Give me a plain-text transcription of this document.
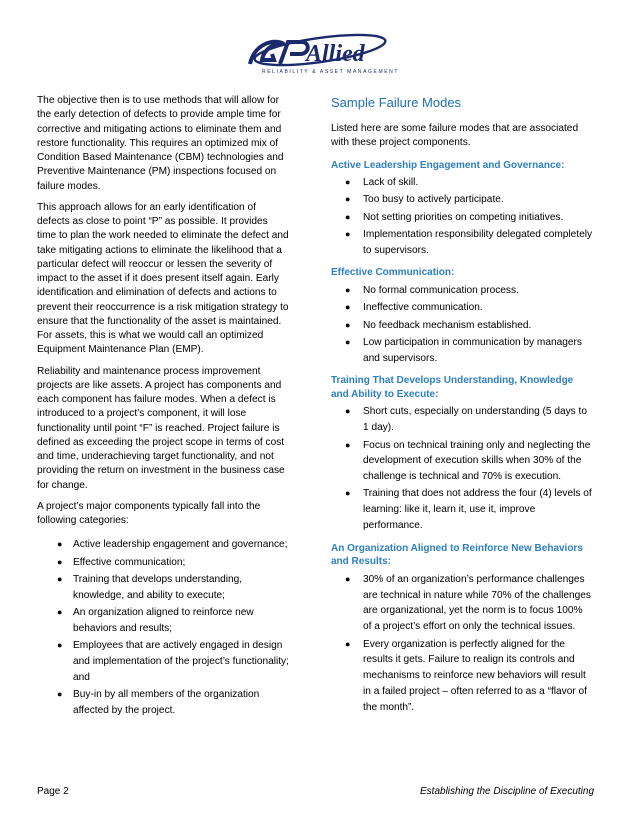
Allied
RELIABILITY & ASSET MANAGEMENT

The objective then is to use methods that will allow for the early detection of defects to provide ample time for corrective and mitigating actions to eliminate them and restore functionality. This requires an optimized mix of Condition Based Maintenance (CBM) technologies and Preventive Maintenance (PM) inspections focused on failure modes.

This approach allows for an early identification of defects as close to point “P” as possible. It provides time to plan the work needed to eliminate the defect and take mitigating actions to eliminate the likelihood that a particular defect will reoccur or lessen the severity of impact to the asset if it does present itself again. Early identification and elimination of defects and actions to prevent their reoccurrence is a risk mitigation strategy to ensure that the functionality of the asset is maintained. For assets, this is what we would call an optimized Equipment Maintenance Plan (EMP).

Reliability and maintenance process improvement projects are like assets. A project has components and each component has failure modes. When a defect is introduced to a project’s component, it will lose functionality until point “F” is reached. Project failure is defined as exceeding the project scope in terms of cost and time, underachieving target functionality, and not providing the return on investment in the business case for change.

A project’s major components typically fall into the following categories:

● Active leadership engagement and governance;
● Effective communication;
● Training that develops understanding, knowledge, and ability to execute;
● An organization aligned to reinforce new behaviors and results;
● Employees that are actively engaged in design and implementation of the project’s functionality; and
● Buy-in by all members of the organization affected by the project.
Sample Failure Modes

Listed here are some failure modes that are associated with these project components.

Active Leadership Engagement and Governance:
● Lack of skill.
● Too busy to actively participate.
● Not setting priorities on competing initiatives.
● Implementation responsibility delegated completely to supervisors.
Effective Communication:
● No formal communication process.
● Ineffective communication.
● No feedback mechanism established.
● Low participation in communication by managers and supervisors.
Training That Develops Understanding, Knowledge and Ability to Execute:
● Short cuts, especially on understanding (5 days to 1 day).
● Focus on technical training only and neglecting the development of execution skills when 30% of the challenge is technical and 70% is execution.
● Training that does not address the four (4) levels of learning: like it, learn it, use it, improve performance.
An Organization Aligned to Reinforce New Behaviors and Results:
● 30% of an organization’s performance challenges are technical in nature while 70% of the challenges are organizational, yet the norm is to focus 100% of a project’s effort on only the technical issues.
● Every organization is perfectly aligned for the results it gets. Failure to realign its controls and mechanisms to reinforce new behaviors will result in a failed project – often referred to as a “flavor of the month”.
Page 2	Establishing the Discipline of Executing
